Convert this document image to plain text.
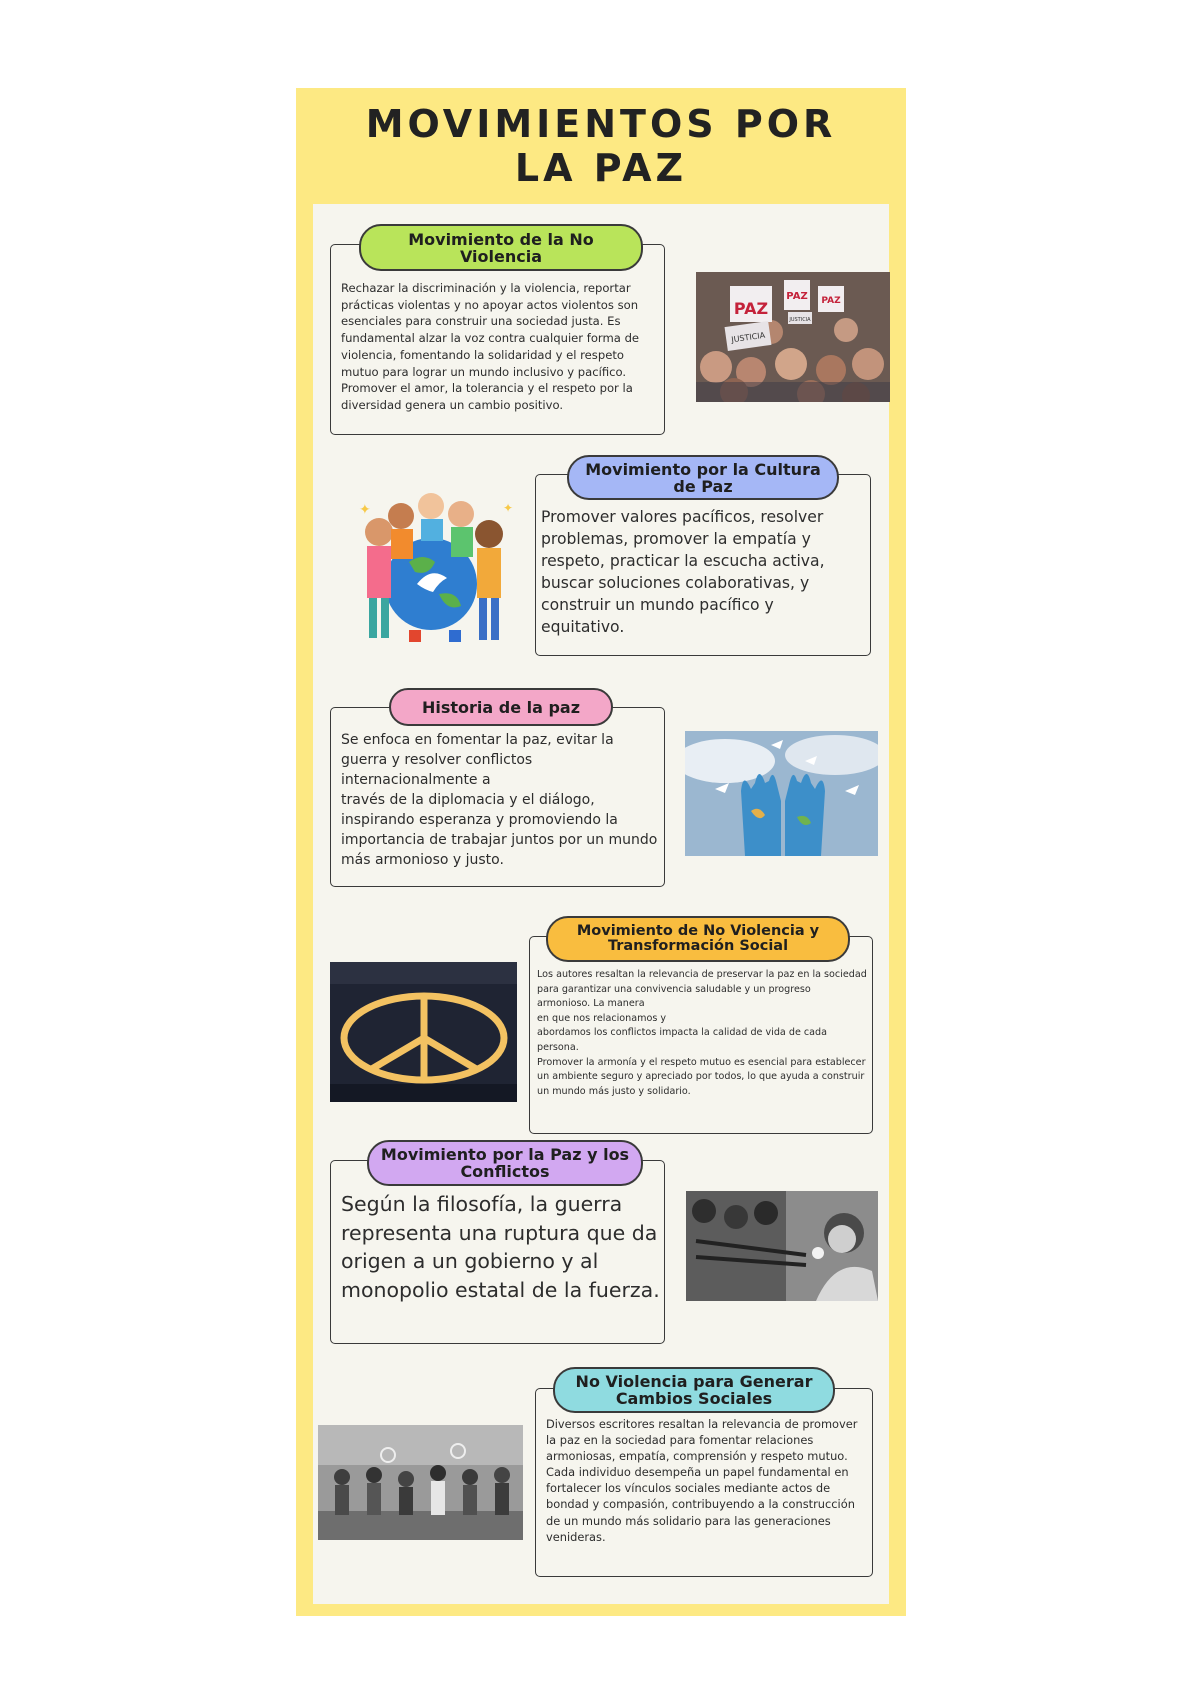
MOVIMIENTOS POR
LA PAZ
Movimiento de la No Violencia
Rechazar la discriminación y la violencia, reportar prácticas violentas y no apoyar actos violentos son esenciales para construir una sociedad justa. Es fundamental alzar la voz contra cualquier forma de violencia, fomentando la solidaridad y el respeto mutuo para lograr un mundo inclusivo y pacífico. Promover el amor, la tolerancia y el respeto por la diversidad genera un cambio positivo.
PAZ
PAZ
JUSTICIA
PAZ
JUSTICIA
Movimiento por la Cultura de Paz
Promover valores pacíficos, resolver problemas, promover la empatía y respeto, practicar la escucha activa, buscar soluciones colaborativas, y construir un mundo pacífico y equitativo.
✦	✦
Historia de la paz
Se enfoca en fomentar la paz, evitar la guerra y resolver conflictos internacionalmente a
través de la diplomacia y el diálogo, inspirando esperanza y promoviendo la importancia de trabajar juntos por un mundo más armonioso y justo.
Movimiento de No Violencia y Transformación Social
Los autores resaltan la relevancia de preservar la paz en la sociedad para garantizar una convivencia saludable y un progreso armonioso. La manera
en que nos relacionamos y
abordamos los conflictos impacta la calidad de vida de cada persona.
Promover la armonía y el respeto mutuo es esencial para establecer un ambiente seguro y apreciado por todos, lo que ayuda a construir un mundo más justo y solidario.
Movimiento por la Paz y los Conflictos
Según la filosofía, la guerra representa una ruptura que da origen a un gobierno y al monopolio estatal de la fuerza.
No Violencia para Generar Cambios Sociales
Diversos escritores resaltan la relevancia de promover la paz en la sociedad para fomentar relaciones armoniosas, empatía, comprensión y respeto mutuo. Cada individuo desempeña un papel fundamental en fortalecer los vínculos sociales mediante actos de bondad y compasión, contribuyendo a la construcción
de un mundo más solidario para las generaciones venideras.
